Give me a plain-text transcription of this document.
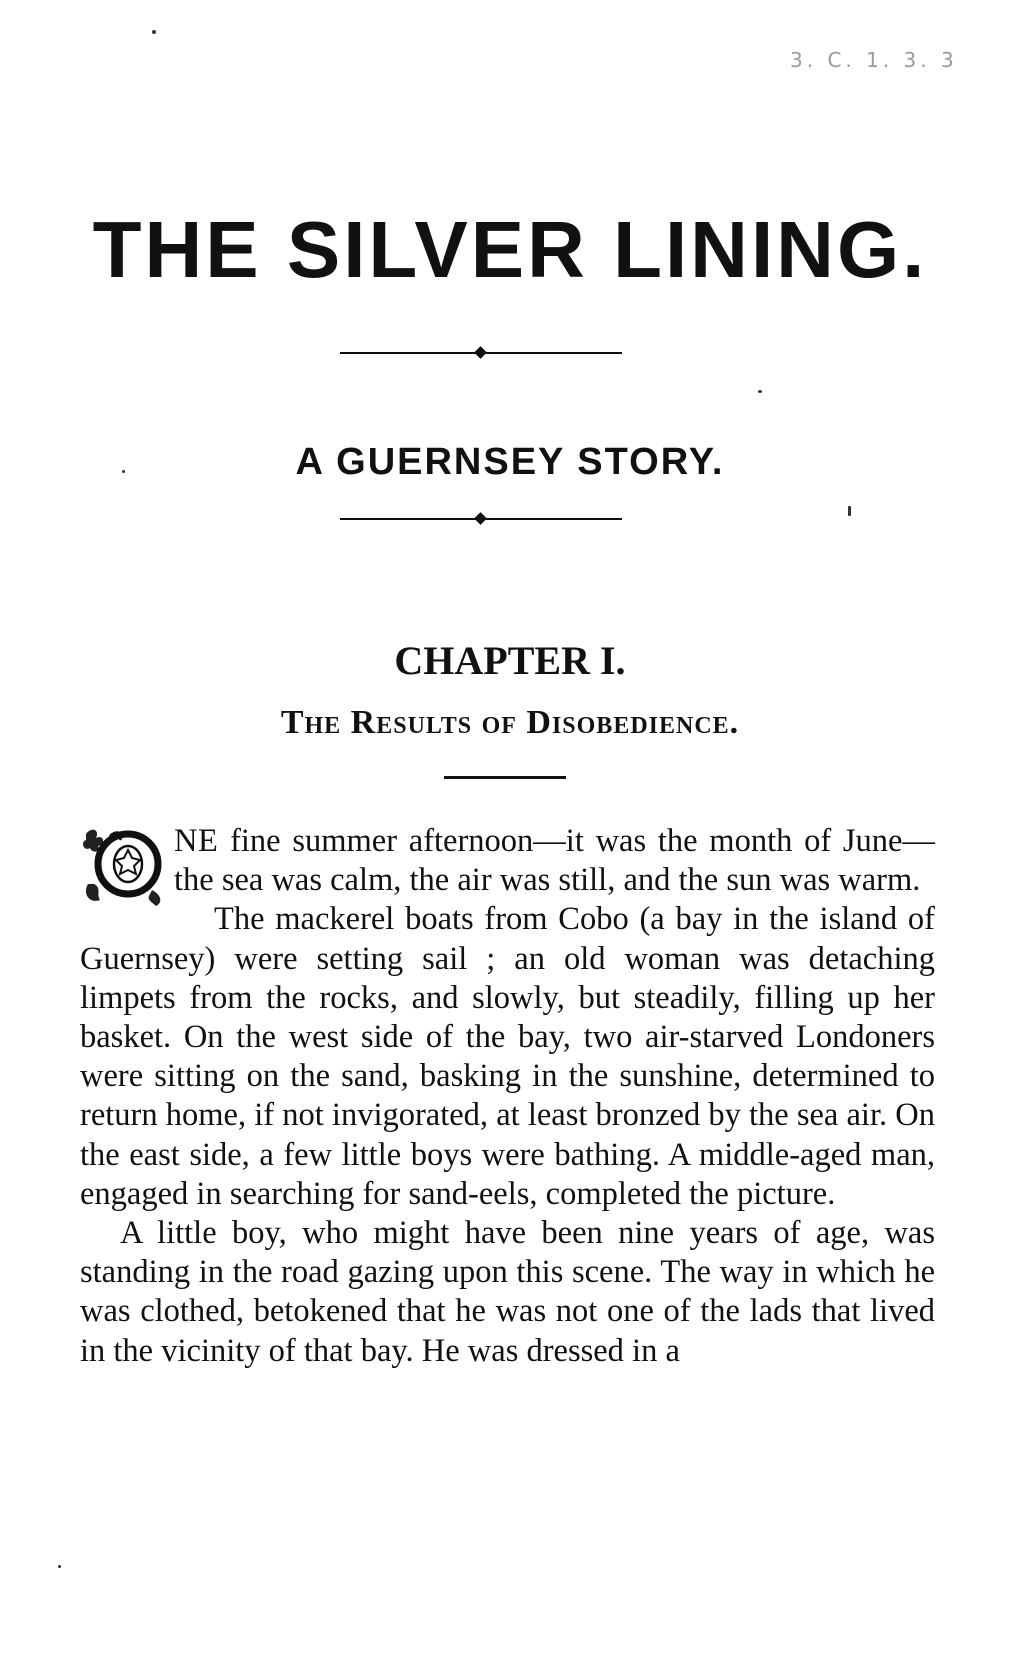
3. C. 1. 3. 3
THE SILVER LINING.
A GUERNSEY STORY.
CHAPTER I.
The Results of Disobedience.

NE fine summer afternoon—it was the month of June—the sea was calm, the air was still, and the sun was warm.

The mackerel boats from Cobo (a bay in the island of Guernsey) were setting sail ; an old woman was detaching limpets from the rocks, and slowly, but steadily, filling up her basket. On the west side of the bay, two air-starved Londoners were sitting on the sand, basking in the sunshine, determined to return home, if not invigorated, at least bronzed by the sea air. On the east side, a few little boys were bathing. A middle-aged man, engaged in searching for sand-eels, completed the picture.

A little boy, who might have been nine years of age, was standing in the road gazing upon this scene. The way in which he was clothed, betokened that he was not one of the lads that lived in the vicinity of that bay. He was dressed in a
